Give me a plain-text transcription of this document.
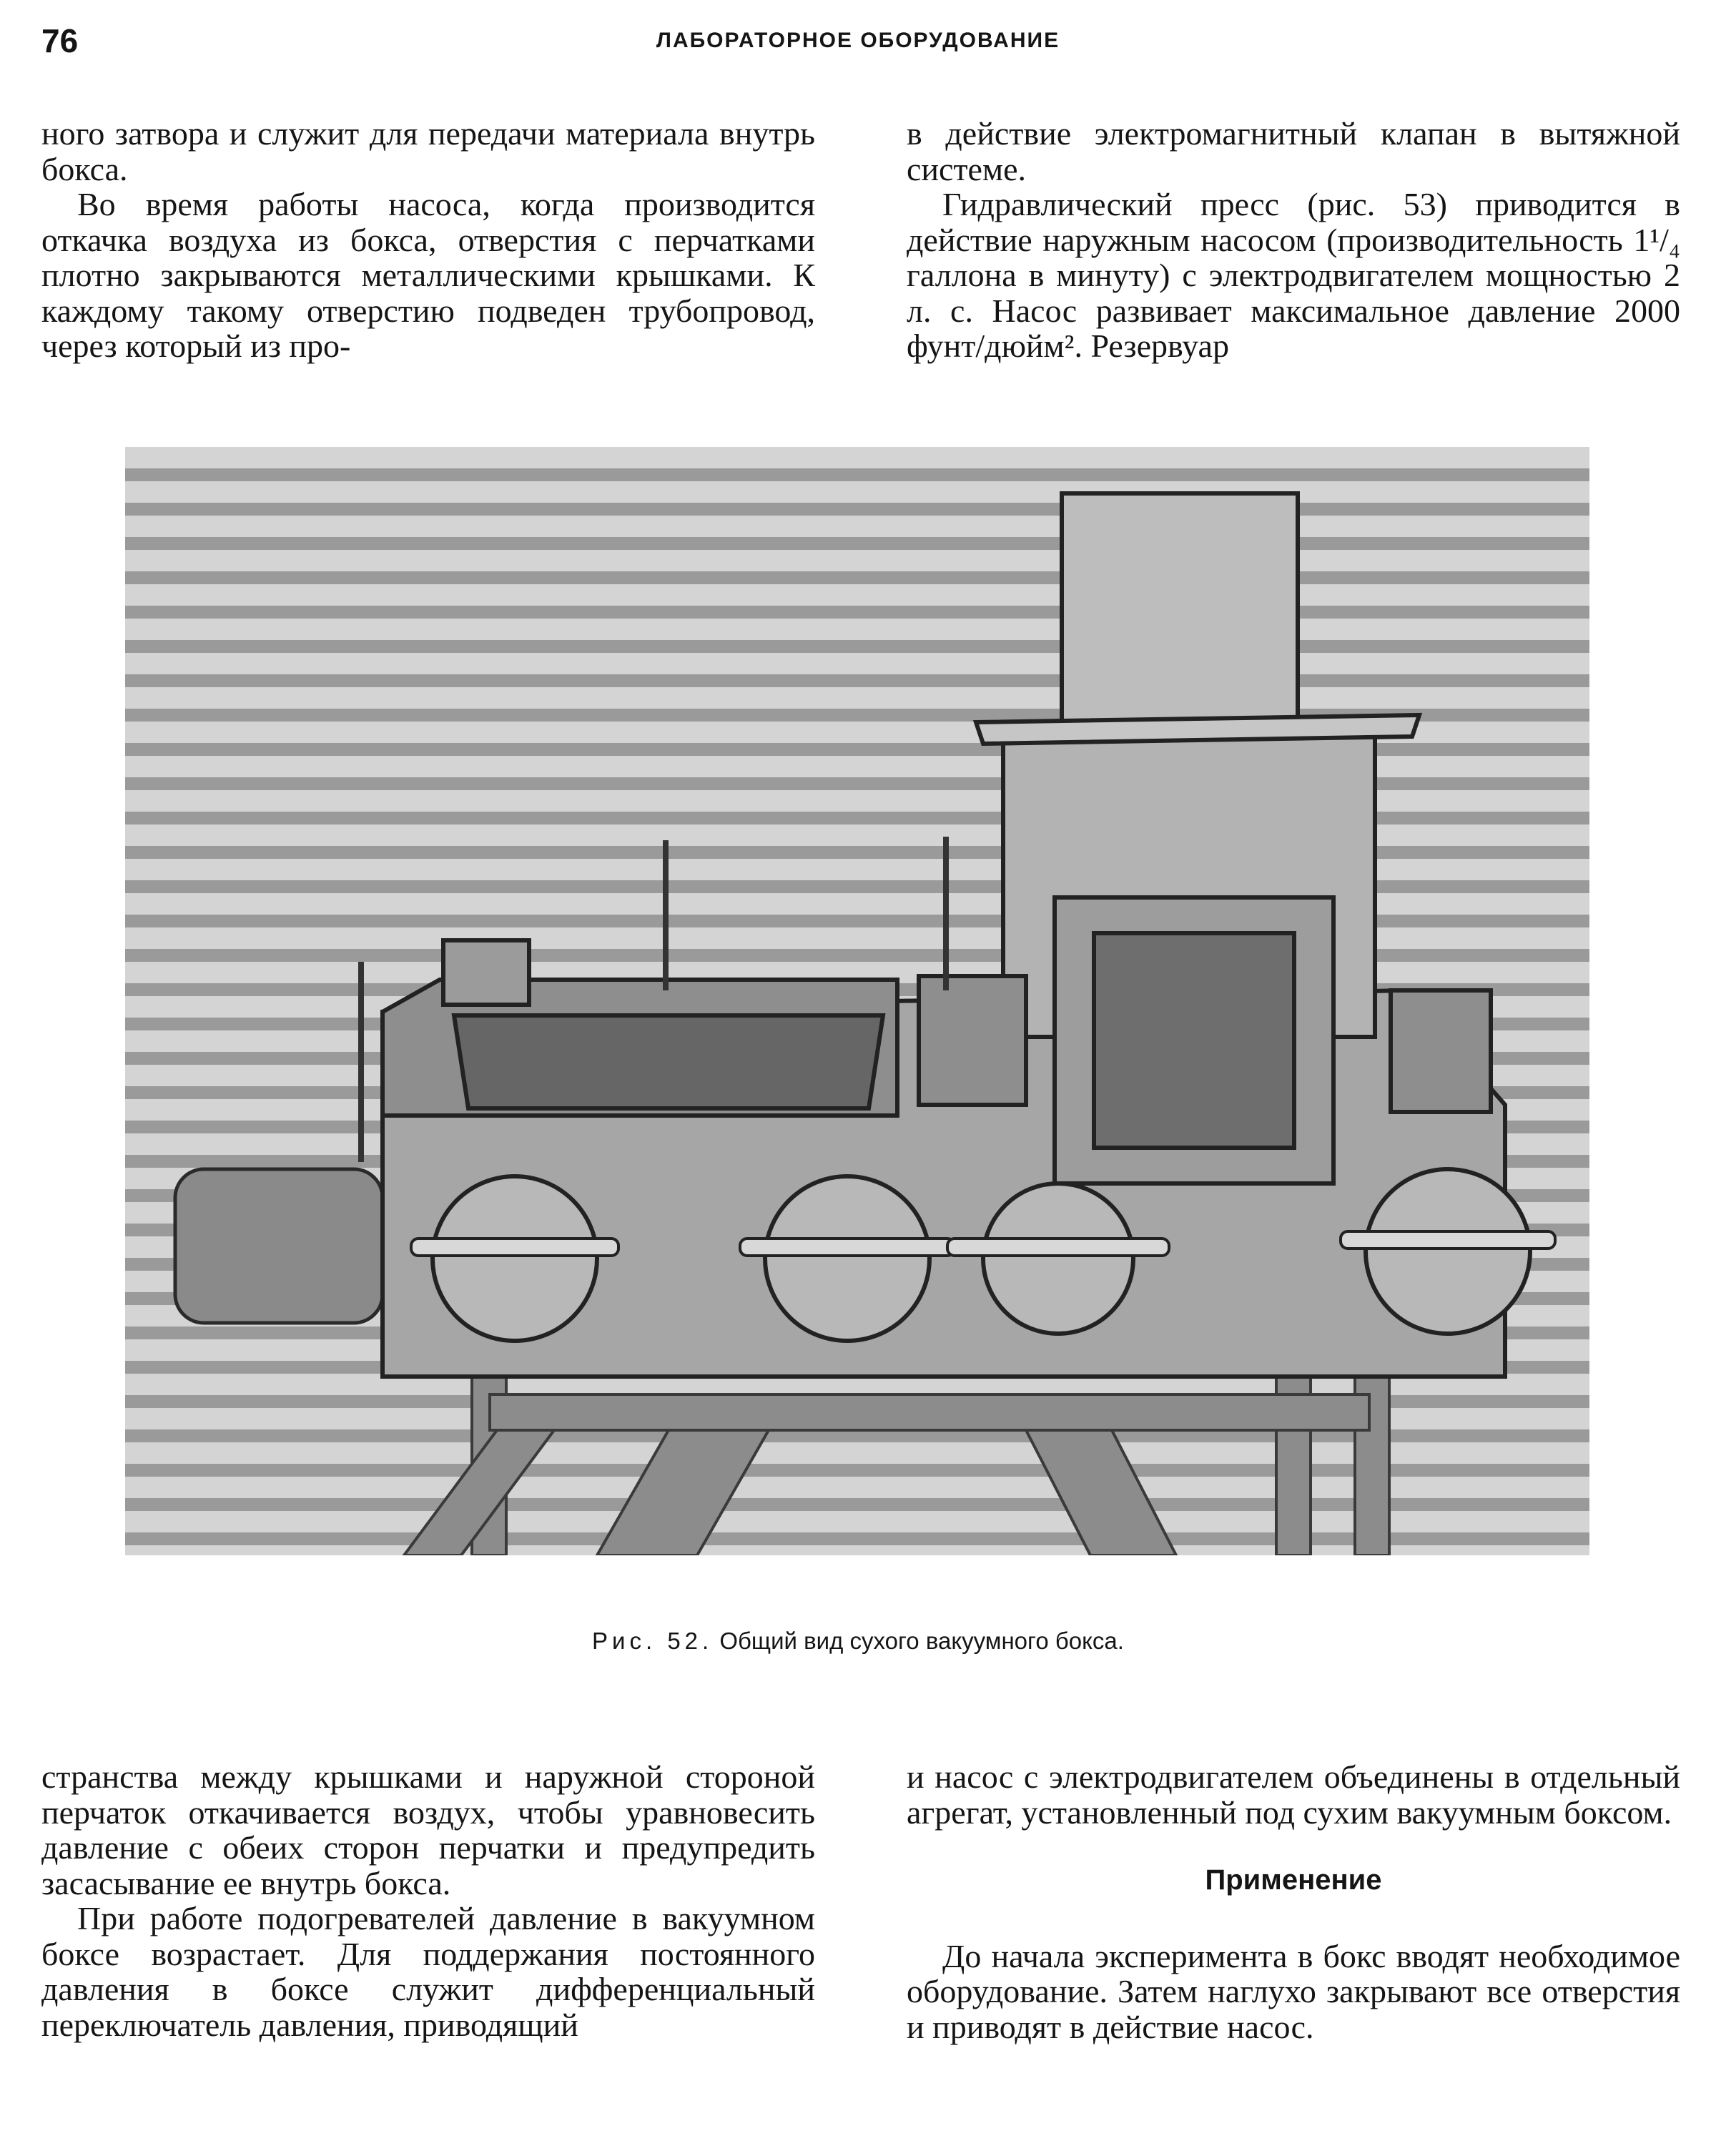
76	ЛАБОРАТОРНОЕ ОБОРУДОВАНИЕ

ного затвора и служит для передачи материала внутрь бокса.

Во время работы насоса, когда производится откачка воздуха из бокса, отверстия с перчатками плотно закрываются металлическими крышками. К каждому такому отверстию подведен трубопровод, через который из про-

в действие электромагнитный клапан в вытяжной системе.

Гидравлический пресс (рис. 53) приводится в действие наружным насосом (производительность 1¹/₄ галлона в минуту) с электродвигателем мощностью 2 л. с. Насос развивает максимальное давление 2000 фунт/дюйм². Резервуар

Рис. 52. Общий вид сухого вакуумного бокса.

странства между крышками и наружной стороной перчаток откачивается воздух, чтобы уравновесить давление с обеих сторон перчатки и предупредить засасывание ее внутрь бокса.

При работе подогревателей давление в вакуумном боксе возрастает. Для поддержания постоянного давления в боксе служит дифференциальный переключатель давления, приводящий

и насос с электродвигателем объединены в отдельный агрегат, установленный под сухим вакуумным боксом.

Применение

До начала эксперимента в бокс вводят необходимое оборудование. Затем наглухо закрывают все отверстия и приводят в действие насос.
